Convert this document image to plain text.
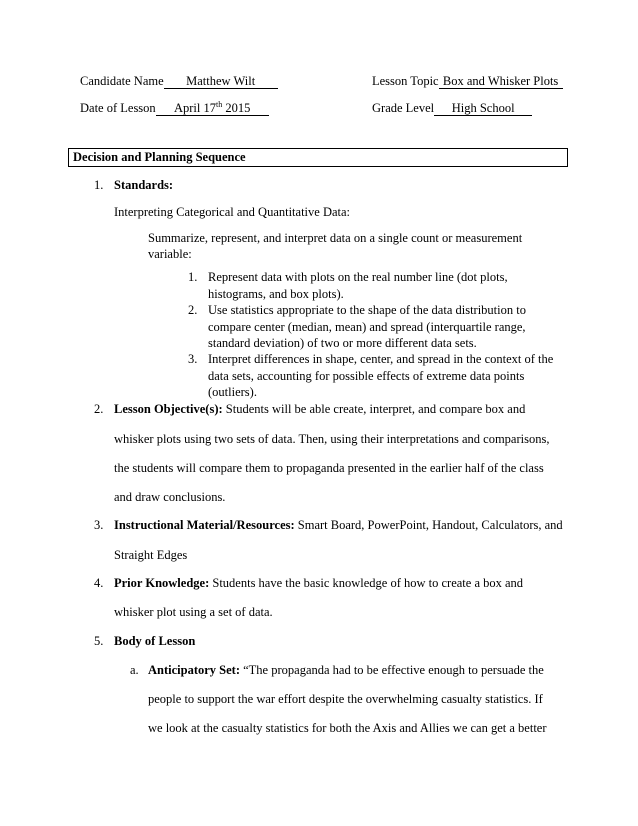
Candidate Name Matthew Wilt	Lesson Topic Box and Whisker Plots
Date of Lesson April 17th 2015	Grade Level High School
Decision and Planning Sequence
1. Standards:
Interpreting Categorical and Quantitative Data:
Summarize, represent, and interpret data on a single count or measurement
variable:
1. Represent data with plots on the real number line (dot plots,
histograms, and box plots).
2. Use statistics appropriate to the shape of the data distribution to
compare center (median, mean) and spread (interquartile range,
standard deviation) of two or more different data sets.
3. Interpret differences in shape, center, and spread in the context of the
data sets, accounting for possible effects of extreme data points
(outliers).
2. Lesson Objective(s): Students will be able create, interpret, and compare box and
whisker plots using two sets of data. Then, using their interpretations and comparisons,
the students will compare them to propaganda presented in the earlier half of the class
and draw conclusions.
3. Instructional Material/Resources: Smart Board, PowerPoint, Handout, Calculators, and
Straight Edges
4. Prior Knowledge: Students have the basic knowledge of how to create a box and
whisker plot using a set of data.
5. Body of Lesson
a. Anticipatory Set: “The propaganda had to be effective enough to persuade the
people to support the war effort despite the overwhelming casualty statistics. If
we look at the casualty statistics for both the Axis and Allies we can get a better
